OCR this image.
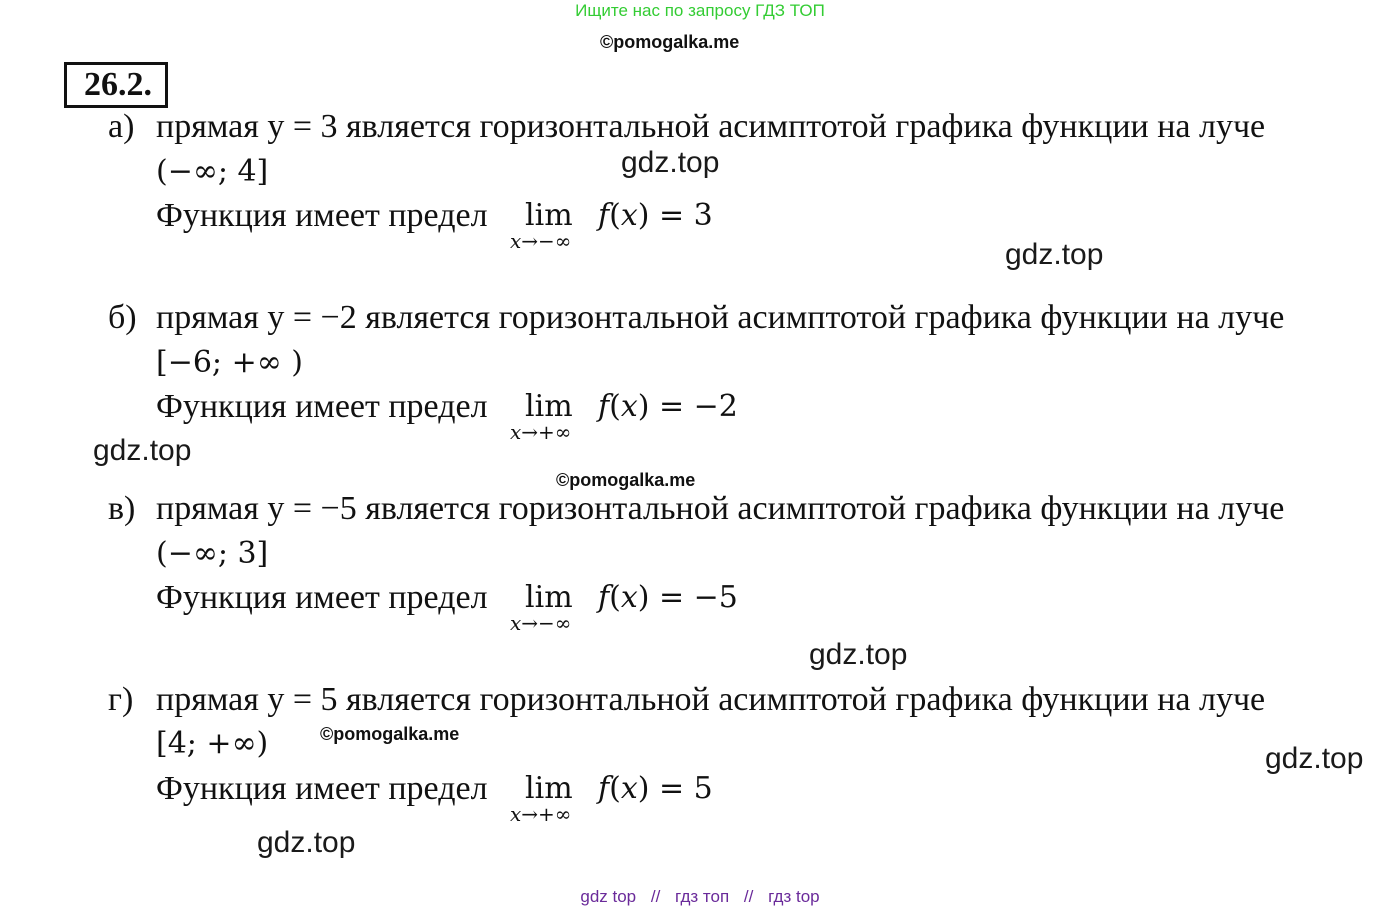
Ищите нас по запросу ГДЗ ТОП
©pomogalka.me
26.2.
а) прямая y = 3 является горизонтальной асимптотой графика функции на луче
(−∞; 4]
Функция имеет предел lim
x→−∞
f(x) = 3
б) прямая y = −2 является горизонтальной асимптотой графика функции на луче
[−6; +∞ )
Функция имеет предел lim
x→+∞
f(x) = −2
в) прямая y = −5 является горизонтальной асимптотой графика функции на луче
(−∞; 3]
Функция имеет предел lim
x→−∞
f(x) = −5
г) прямая y = 5 является горизонтальной асимптотой графика функции на луче
[4; +∞)
Функция имеет предел lim
x→+∞
f(x) = 5
gdz.top
gdz.top
gdz.top
©pomogalka.me
gdz.top
©pomogalka.me
gdz.top
gdz.top
gdz top // гдз топ // гдз top
